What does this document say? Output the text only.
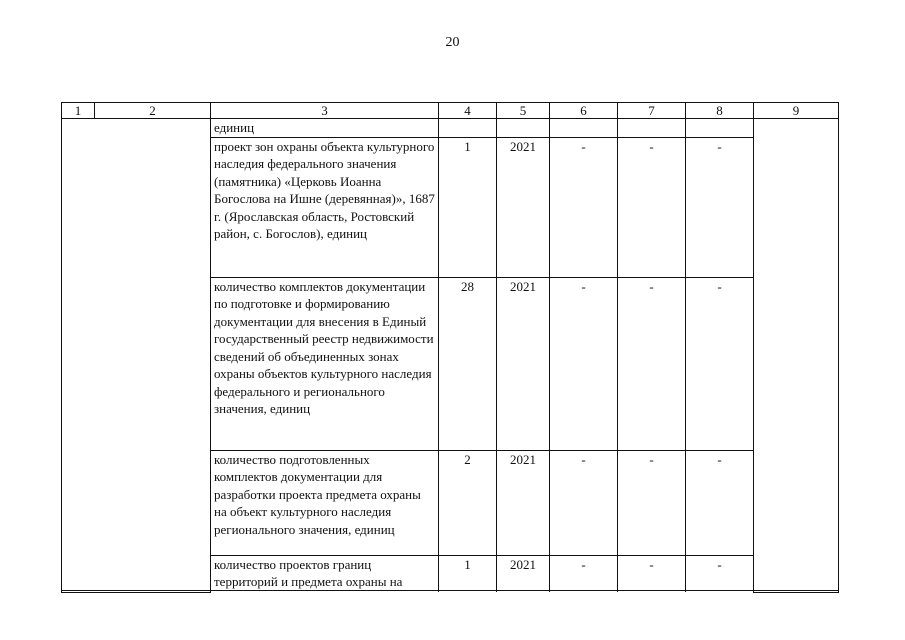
20
1	2	3	4	5	6	7	8	9
		единиц						
		проект зон охраны объекта культурного наследия федерального значения (памятника) «Церковь Иоанна Богослова на Ишне (деревянная)», 1687 г. (Ярославская область, Ростовский район, с. Богослов), единиц	1	2021	-	-	-	
		количество комплектов документации по подготовке и формированию документации для внесения в Единый государственный реестр недвижимости сведений об объединенных зонах охраны объектов культурного наследия федерального и регионального значения, единиц	28	2021	-	-	-	
		количество подготовленных комплектов документации для разработки проекта предмета охраны на объект культурного наследия регионального значения, единиц	2	2021	-	-	-	
		количество проектов границ территорий и предмета охраны на	1	2021	-	-	-	
